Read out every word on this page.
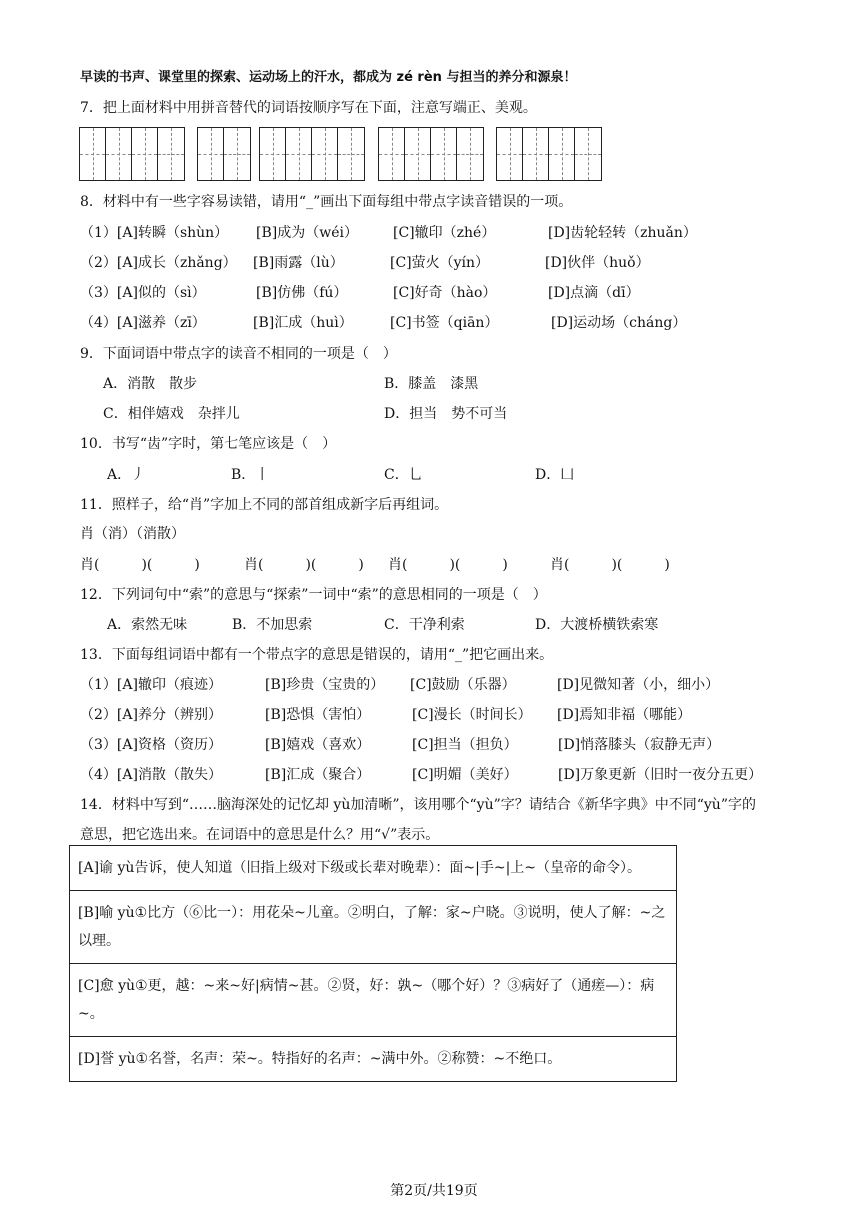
早读的书声、课堂里的探索、运动场上的汗水，都成为 zé rèn 与担当的养分和源泉！
7．把上面材料中用拼音替代的词语按顺序写在下面，注意写端正、美观。
8．材料中有一些字容易读错，请用“_”画出下面每组中带点字读音错误的一项。
（1）[A]转瞬（shùn） [B]成为（wéi）	[C]辙印（zhé）	[D]齿轮轻转（zhuǎn）
（2）[A]成长（zhǎng） [B]雨露（lù）	[C]萤火（yín）	[D]伙伴（huǒ）
（3）[A]似的（sì）	[B]仿佛（fú）	[C]好奇（hào）	[D]点滴（dī）
（4）[A]滋养（zī）	[B]汇成（huì）	[C]书签（qiān）	[D]运动场（cháng）
9．下面词语中带点字的读音不相同的一项是（　）
A．消散　散步	B．膝盖　漆黑
C．相伴嬉戏　杂拌儿	D．担当　势不可当
10．书写“齿”字时，第七笔应该是（　）
A．丿	B．丨	C．乚	D．凵
11．照样子，给“肖”字加上不同的部首组成新字后再组词。
肖（消）（消散）
肖(　　　)(　　　)	肖(　　　)(　　　) 肖(　　　)(　　　)	肖(　　　)(　　　)
12．下列词句中“索”的意思与“探索”一词中“索”的意思相同的一项是（　）
A．索然无味	B．不加思索	C．干净利索	D．大渡桥横铁索寒
13．下面每组词语中都有一个带点字的意思是错误的，请用“_”把它画出来。
（1）[A]辙印（痕迹）	[B]珍贵（宝贵的） [C]鼓励（乐器）	[D]见微知著（小，细小）
（2）[A]养分（辨别）	[B]恐惧（害怕）	[C]漫长（时间长） [D]焉知非福（哪能）
（3）[A]资格（资历）	[B]嬉戏（喜欢）	[C]担当（担负）	[D]悄落膝头（寂静无声）
（4）[A]消散（散失）	[B]汇成（聚合）	[C]明媚（美好）	[D]万象更新（旧时一夜分五更）
14．材料中写到“……脑海深处的记忆却 yù加清晰”，该用哪个“yù”字？请结合《新华字典》中不同“yù”字的
意思，把它选出来。在词语中的意思是什么？用“√”表示。
[A]谕 yù告诉，使人知道（旧指上级对下级或长辈对晚辈）：面~|手~|上~（皇帝的命令）。
[B]喻 yù①比方（⑥比一）：用花朵~儿童。②明白，了解：家~户晓。③说明，使人了解：~之以理。
[C]愈 yù①更，越：~来~好|病情~甚。②贤，好：孰~（哪个好）？③病好了（通瘥—）：病~。
[D]誉 yù①名誉，名声：荣~。特指好的名声：~满中外。②称赞：~不绝口。
第2页/共19页
